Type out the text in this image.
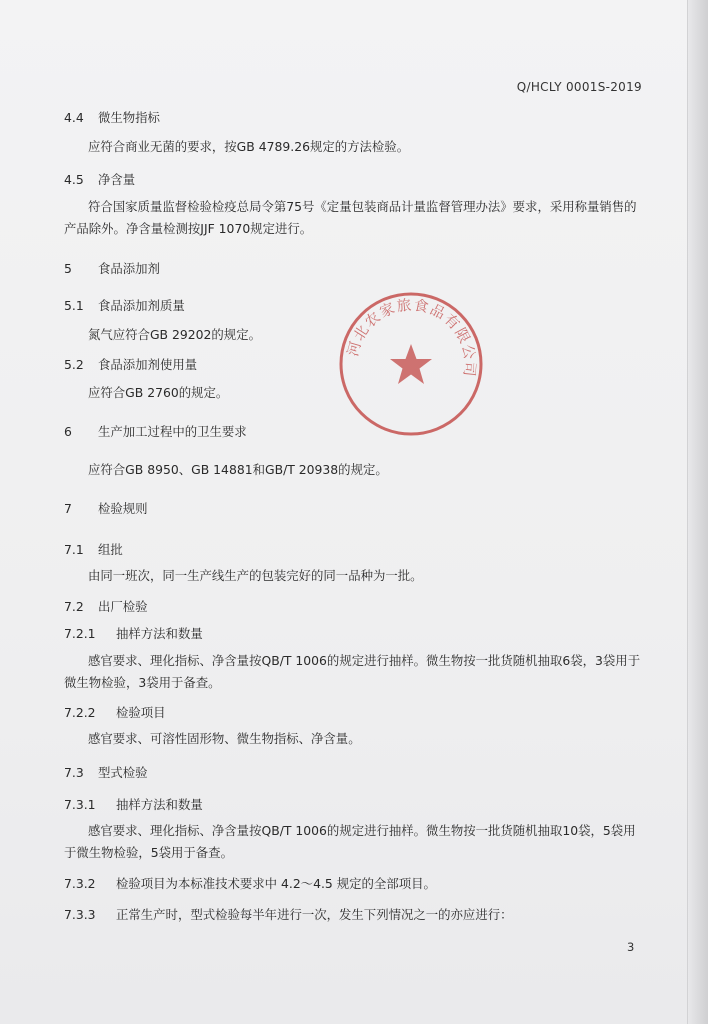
Q/HCLY 0001S-2019
4.4 微生物指标
应符合商业无菌的要求，按GB 4789.26规定的方法检验。
4.5 净含量
符合国家质量监督检验检疫总局令第75号《定量包装商品计量监督管理办法》要求，采用称量销售的产品除外。净含量检测按JJF 1070规定进行。
5 食品添加剂
5.1 食品添加剂质量
氮气应符合GB 29202的规定。
5.2 食品添加剂使用量
应符合GB 2760的规定。
6 生产加工过程中的卫生要求
应符合GB 8950、GB 14881和GB/T 20938的规定。
7 检验规则
7.1 组批
由同一班次，同一生产线生产的包装完好的同一品种为一批。
7.2 出厂检验
7.2.1 抽样方法和数量
感官要求、理化指标、净含量按QB/T 1006的规定进行抽样。微生物按一批货随机抽取6袋，3袋用于微生物检验，3袋用于备查。
7.2.2 检验项目
感官要求、可溶性固形物、微生物指标、净含量。
7.3 型式检验
7.3.1 抽样方法和数量
感官要求、理化指标、净含量按QB/T 1006的规定进行抽样。微生物按一批货随机抽取10袋，5袋用于微生物检验，5袋用于备查。
7.3.2 检验项目为本标准技术要求中 4.2～4.5 规定的全部项目。
7.3.3 正常生产时，型式检验每半年进行一次，发生下列情况之一的亦应进行：
3
河北农家旅食品有限公司
